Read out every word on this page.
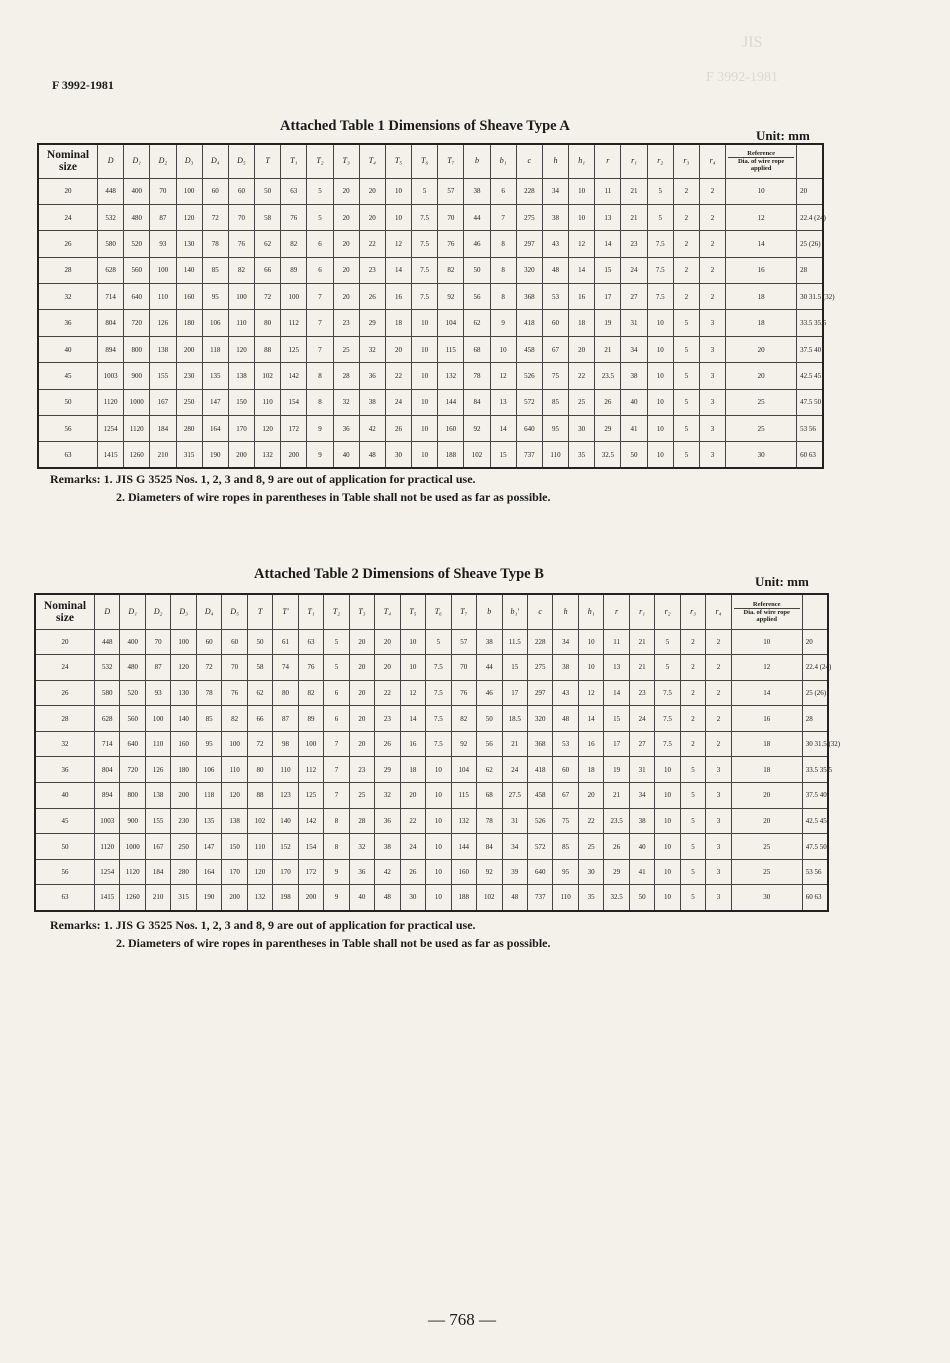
JIS
F 3992-1981
F 3992-1981
Attached Table 1 Dimensions of Sheave Type A
Unit: mm
Nominal size	D	D₁	D₂	D₃	D₄	D₅	T	T₁	T₂	T₃	T₄	T₅	T₆	T₇	b	b₁	c	h	h₁	r	r₁	r₂	r₃	r₄	Reference
Dia. of wire rope applied	

20	448	400	70	100	60	60	50	63	5	20	20	10	5	57	38	6	228	34	10	11	21	5	2	2	10	20
24	532	480	87	120	72	70	58	76	5	20	20	10	7.5	70	44	7	275	38	10	13	21	5	2	2	12	22.4 (24)
26	580	520	93	130	78	76	62	82	6	20	22	12	7.5	76	46	8	297	43	12	14	23	7.5	2	2	14	25 (26)
28	628	560	100	140	85	82	66	89	6	20	23	14	7.5	82	50	8	320	48	14	15	24	7.5	2	2	16	28
32	714	640	110	160	95	100	72	100	7	20	26	16	7.5	92	56	8	368	53	16	17	27	7.5	2	2	18	30 31.5 (32)
36	804	720	126	180	106	110	80	112	7	23	29	18	10	104	62	9	418	60	18	19	31	10	5	3	18	33.5 35.5
40	894	800	138	200	118	120	88	125	7	25	32	20	10	115	68	10	458	67	20	21	34	10	5	3	20	37.5 40
45	1003	900	155	230	135	138	102	142	8	28	36	22	10	132	78	12	526	75	22	23.5	38	10	5	3	20	42.5 45
50	1120	1000	167	250	147	150	110	154	8	32	38	24	10	144	84	13	572	85	25	26	40	10	5	3	25	47.5 50
56	1254	1120	184	280	164	170	120	172	9	36	42	26	10	160	92	14	640	95	30	29	41	10	5	3	25	53 56
63	1415	1260	210	315	190	200	132	200	9	40	48	30	10	188	102	15	737	110	35	32.5	50	10	5	3	30	60 63
Remarks: 1. JIS G 3525 Nos. 1, 2, 3 and 8, 9 are out of application for practical use.
2. Diameters of wire ropes in parentheses in Table shall not be used as far as possible.
Attached Table 2 Dimensions of Sheave Type B	Unit: mm
Nominal size	D	D₁	D₂	D₃	D₄	D₅	T	T′	T₁	T₂	T₃	T₄	T₅	T₆	T₇	b	b₁′	c	h	h₁	r	r₁	r₂	r₃	r₄	Reference
Dia. of wire rope applied	

20	448	400	70	100	60	60	50	61	63	5	20	20	10	5	57	38	11.5	228	34	10	11	21	5	2	2	10	20
24	532	480	87	120	72	70	58	74	76	5	20	20	10	7.5	70	44	15	275	38	10	13	21	5	2	2	12	22.4 (24)
26	580	520	93	130	78	76	62	80	82	6	20	22	12	7.5	76	46	17	297	43	12	14	23	7.5	2	2	14	25 (26)
28	628	560	100	140	85	82	66	87	89	6	20	23	14	7.5	82	50	18.5	320	48	14	15	24	7.5	2	2	16	28
32	714	640	110	160	95	100	72	98	100	7	20	26	16	7.5	92	56	21	368	53	16	17	27	7.5	2	2	18	30 31.5 (32)
36	804	720	126	180	106	110	80	110	112	7	23	29	18	10	104	62	24	418	60	18	19	31	10	5	3	18	33.5 35.5
40	894	800	138	200	118	120	88	123	125	7	25	32	20	10	115	68	27.5	458	67	20	21	34	10	5	3	20	37.5 40
45	1003	900	155	230	135	138	102	140	142	8	28	36	22	10	132	78	31	526	75	22	23.5	38	10	5	3	20	42.5 45
50	1120	1000	167	250	147	150	110	152	154	8	32	38	24	10	144	84	34	572	85	25	26	40	10	5	3	25	47.5 50
56	1254	1120	184	280	164	170	120	170	172	9	36	42	26	10	160	92	39	640	95	30	29	41	10	5	3	25	53 56
63	1415	1260	210	315	190	200	132	198	200	9	40	48	30	10	188	102	48	737	110	35	32.5	50	10	5	3	30	60 63
Remarks: 1. JIS G 3525 Nos. 1, 2, 3 and 8, 9 are out of application for practical use.
2. Diameters of wire ropes in parentheses in Table shall not be used as far as possible.
— 768 —
